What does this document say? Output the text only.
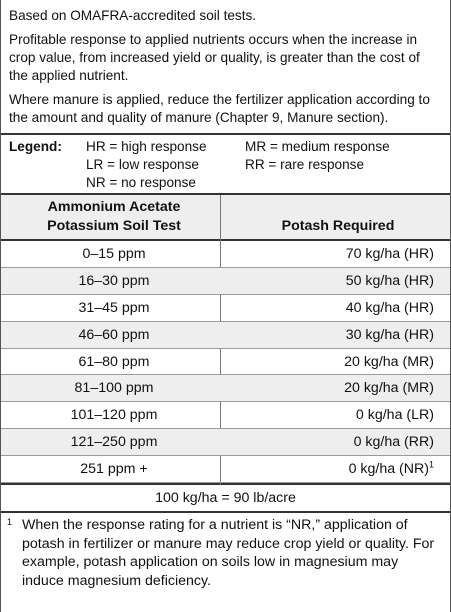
Based on OMAFRA-accredited soil tests.

Profitable response to applied nutrients occurs when the increase in crop value, from increased yield or quality, is greater than the cost of the applied nutrient.

Where manure is applied, reduce the fertilizer application according to the amount and quality of manure (Chapter 9, Manure section).

Legend: HR = high response
LR = low response
NR = no response
MR = medium response
RR = rare response
Ammonium Acetate
Potassium Soil Test	Potash Required
0–15 ppm	70 kg/ha (HR)
16–30 ppm	50 kg/ha (HR)
31–45 ppm	40 kg/ha (HR)
46–60 ppm	30 kg/ha (HR)
61–80 ppm	20 kg/ha (MR)
81–100 ppm	20 kg/ha (MR)
101–120 ppm	0 kg/ha (LR)
121–250 ppm	0 kg/ha (RR)
251 ppm +	0 kg/ha (NR)$^1$
100 kg/ha = 90 lb/acre
1 When the response rating for a nutrient is “NR,” application of potash in fertilizer or manure may reduce crop yield or quality. For example, potash application on soils low in magnesium may induce magnesium deficiency.
